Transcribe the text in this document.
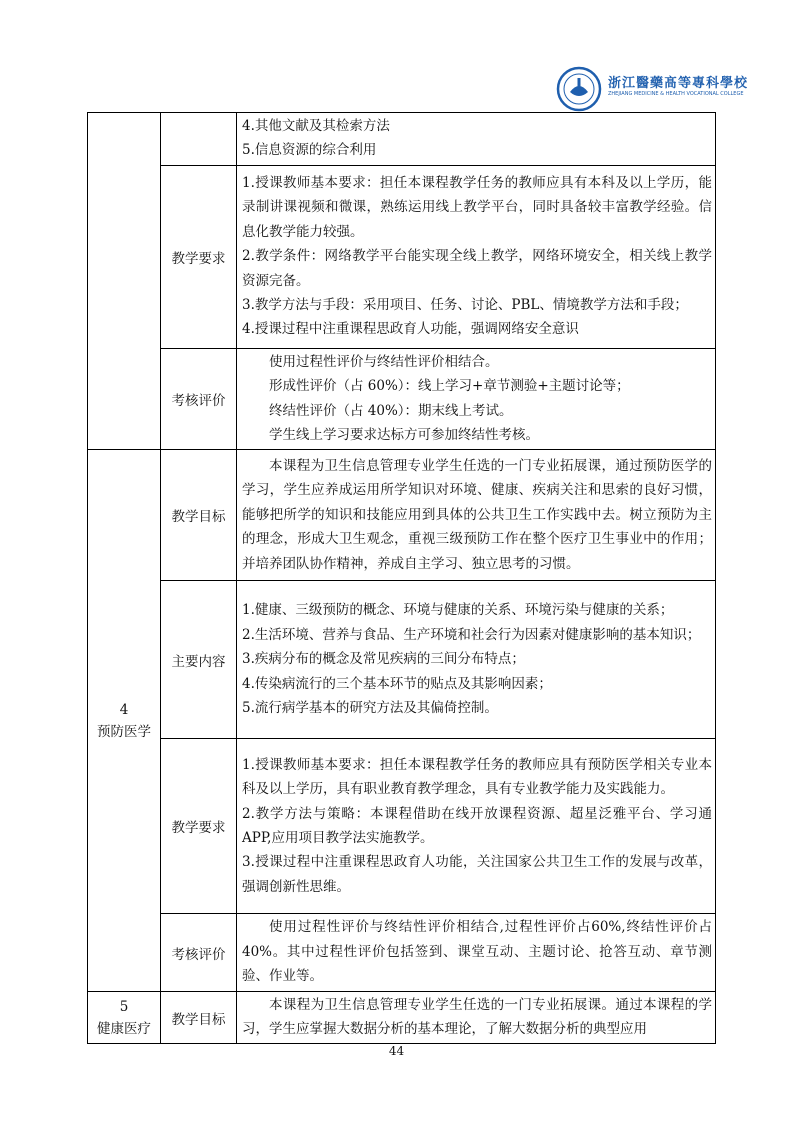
浙江醫藥髙等專科學校
ZHEJIANG MEDICINE & HEALTH VOCATIONAL COLLEGE

		4.其他文献及其检索方法
5.信息资源的综合利用

	教学要求	1.授课教师基本要求：担任本课程教学任务的教师应具有本科及以上学历，能录制讲课视频和微课，熟练运用线上教学平台，同时具备较丰富教学经验。信息化教学能力较强。
2.教学条件：网络教学平台能实现全线上教学，网络环境安全，相关线上教学资源完备。
3.教学方法与手段：采用项目、任务、讨论、PBL、情境教学方法和手段；
4.授课过程中注重课程思政育人功能，强调网络安全意识

	考核评价	使用过程性评价与终结性评价相结合。
形成性评价（占 60%）：线上学习+章节测验+主题讨论等；
终结性评价（占 40%）：期末线上考试。
学生线上学习要求达标方可参加终结性考核。

4
预防医学	教学目标	本课程为卫生信息管理专业学生任选的一门专业拓展课，通过预防医学的学习，学生应养成运用所学知识对环境、健康、疾病关注和思索的良好习惯，能够把所学的知识和技能应用到具体的公共卫生工作实践中去。树立预防为主的理念，形成大卫生观念，重视三级预防工作在整个医疗卫生事业中的作用；并培养团队协作精神，养成自主学习、独立思考的习惯。
	主要内容	1.健康、三级预防的概念、环境与健康的关系、环境污染与健康的关系；
2.生活环境、营养与食品、生产环境和社会行为因素对健康影响的基本知识；
3.疾病分布的概念及常见疾病的三间分布特点；
4.传染病流行的三个基本环节的贴点及其影响因素；
5.流行病学基本的研究方法及其偏倚控制。

	教学要求	1.授课教师基本要求：担任本课程教学任务的教师应具有预防医学相关专业本科及以上学历，具有职业教育教学理念，具有专业教学能力及实践能力。
2.教学方法与策略：本课程借助在线开放课程资源、超星泛雅平台、学习通 APP,应用项目教学法实施教学。
3.授课过程中注重课程思政育人功能，关注国家公共卫生工作的发展与改革，强调创新性思维。

	考核评价	使用过程性评价与终结性评价相结合,过程性评价占60%,终结性评价占40%。其中过程性评价包括签到、课堂互动、主题讨论、抢答互动、章节测验、作业等。

5
健康医疗	教学目标	本课程为卫生信息管理专业学生任选的一门专业拓展课。通过本课程的学习，学生应掌握大数据分析的基本理论，了解大数据分析的典型应用
44
